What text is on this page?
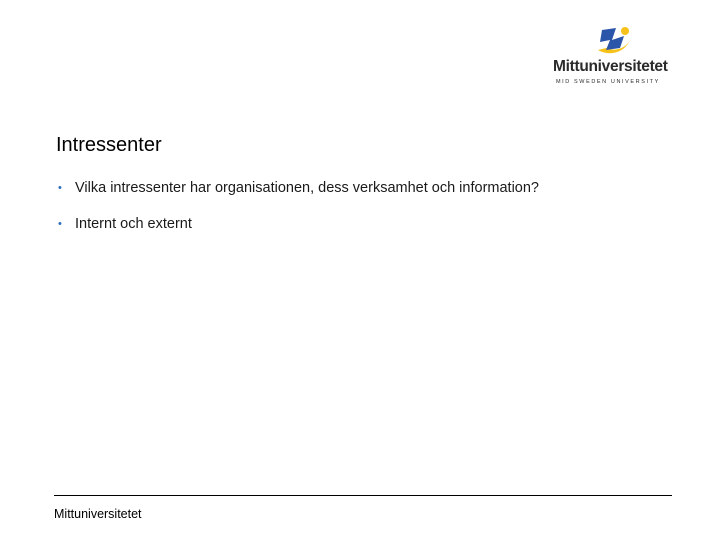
Mittuniversitetet
MID SWEDEN UNIVERSITY
Intressenter
• Vilka intressenter har organisationen, dess verksamhet och information?
• Internt och externt
Mittuniversitetet
